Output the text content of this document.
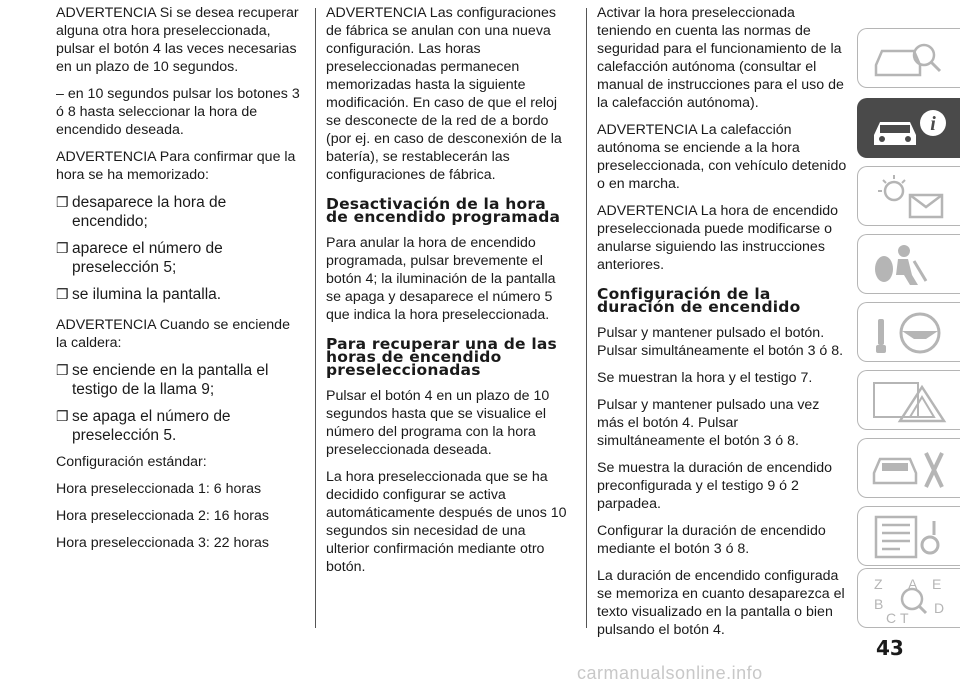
ADVERTENCIA Si se desea recuperar alguna otra hora preseleccionada, pulsar el botón 4 las veces necesarias en un plazo de 10 segundos.

– en 10 segundos pulsar los botones 3 ó 8 hasta seleccionar la hora de encendido deseada.

ADVERTENCIA Para confirmar que la hora se ha memorizado:

❐ desaparece la hora de encendido;
❐ aparece el número de preselección 5;
❐ se ilumina la pantalla.

ADVERTENCIA Cuando se enciende la caldera:

❐ se enciende en la pantalla el testigo de la llama 9;
❐ se apaga el número de preselección 5.

Configuración estándar:

Hora preseleccionada 1: 6 horas

Hora preseleccionada 2: 16 horas

Hora preseleccionada 3: 22 horas

ADVERTENCIA Las configuraciones de fábrica se anulan con una nueva configuración. Las horas preseleccionadas permanecen memorizadas hasta la siguiente modificación. En caso de que el reloj se desconecte de la red de a bordo (por ej. en caso de desconexión de la batería), se restablecerán las configuraciones de fábrica.

Desactivación de la hora de encendido programada

Para anular la hora de encendido programada, pulsar brevemente el botón 4; la iluminación de la pantalla se apaga y desaparece el número 5 que indica la hora preseleccionada.

Para recuperar una de las horas de encendido preseleccionadas

Pulsar el botón 4 en un plazo de 10 segundos hasta que se visualice el número del programa con la hora preseleccionada deseada.

La hora preseleccionada que se ha decidido configurar se activa automáticamente después de unos 10 segundos sin necesidad de una ulterior confirmación mediante otro botón.

Activar la hora preseleccionada teniendo en cuenta las normas de seguridad para el funcionamiento de la calefacción autónoma (consultar el manual de instrucciones para el uso de la calefacción autónoma).

ADVERTENCIA La calefacción autónoma se enciende a la hora preseleccionada, con vehículo detenido o en marcha.

ADVERTENCIA La hora de encendido preseleccionada puede modificarse o anularse siguiendo las instrucciones anteriores.

Configuración de la duración de encendido

Pulsar y mantener pulsado el botón. Pulsar simultáneamente el botón 3 ó 8.

Se muestran la hora y el testigo 7.

Pulsar y mantener pulsado una vez más el botón 4. Pulsar simultáneamente el botón 3 ó 8.

Se muestra la duración de encendido preconfigurada y el testigo 9 ó 2 parpadea.

Configurar la duración de encendido mediante el botón 3 ó 8.

La duración de encendido configurada se memoriza en cuanto desaparezca el texto visualizado en la pantalla o bien pulsando el botón 4.

i
Z	E
B	D
A
C T
43
carmanualsonline.info
